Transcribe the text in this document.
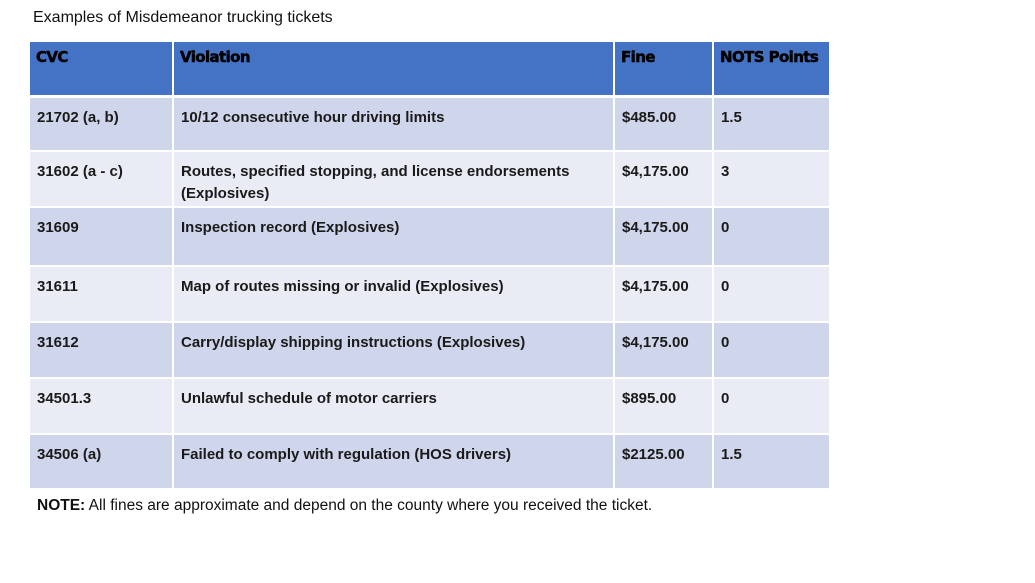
Examples of Misdemeanor trucking tickets
CVC	Violation	Fine	NOTS Points
21702 (a, b)	10/12 consecutive hour driving limits	$485.00	1.5
31602 (a - c)	Routes, specified stopping, and license endorsements (Explosives)	$4,175.00	3
31609	Inspection record (Explosives)	$4,175.00	0
31611	Map of routes missing or invalid (Explosives)	$4,175.00	0
31612	Carry/display shipping instructions (Explosives)	$4,175.00	0
34501.3	Unlawful schedule of motor carriers	$895.00	0
34506 (a)	Failed to comply with regulation (HOS drivers)	$2125.00	1.5
NOTE: All fines are approximate and depend on the county where you received the ticket.
